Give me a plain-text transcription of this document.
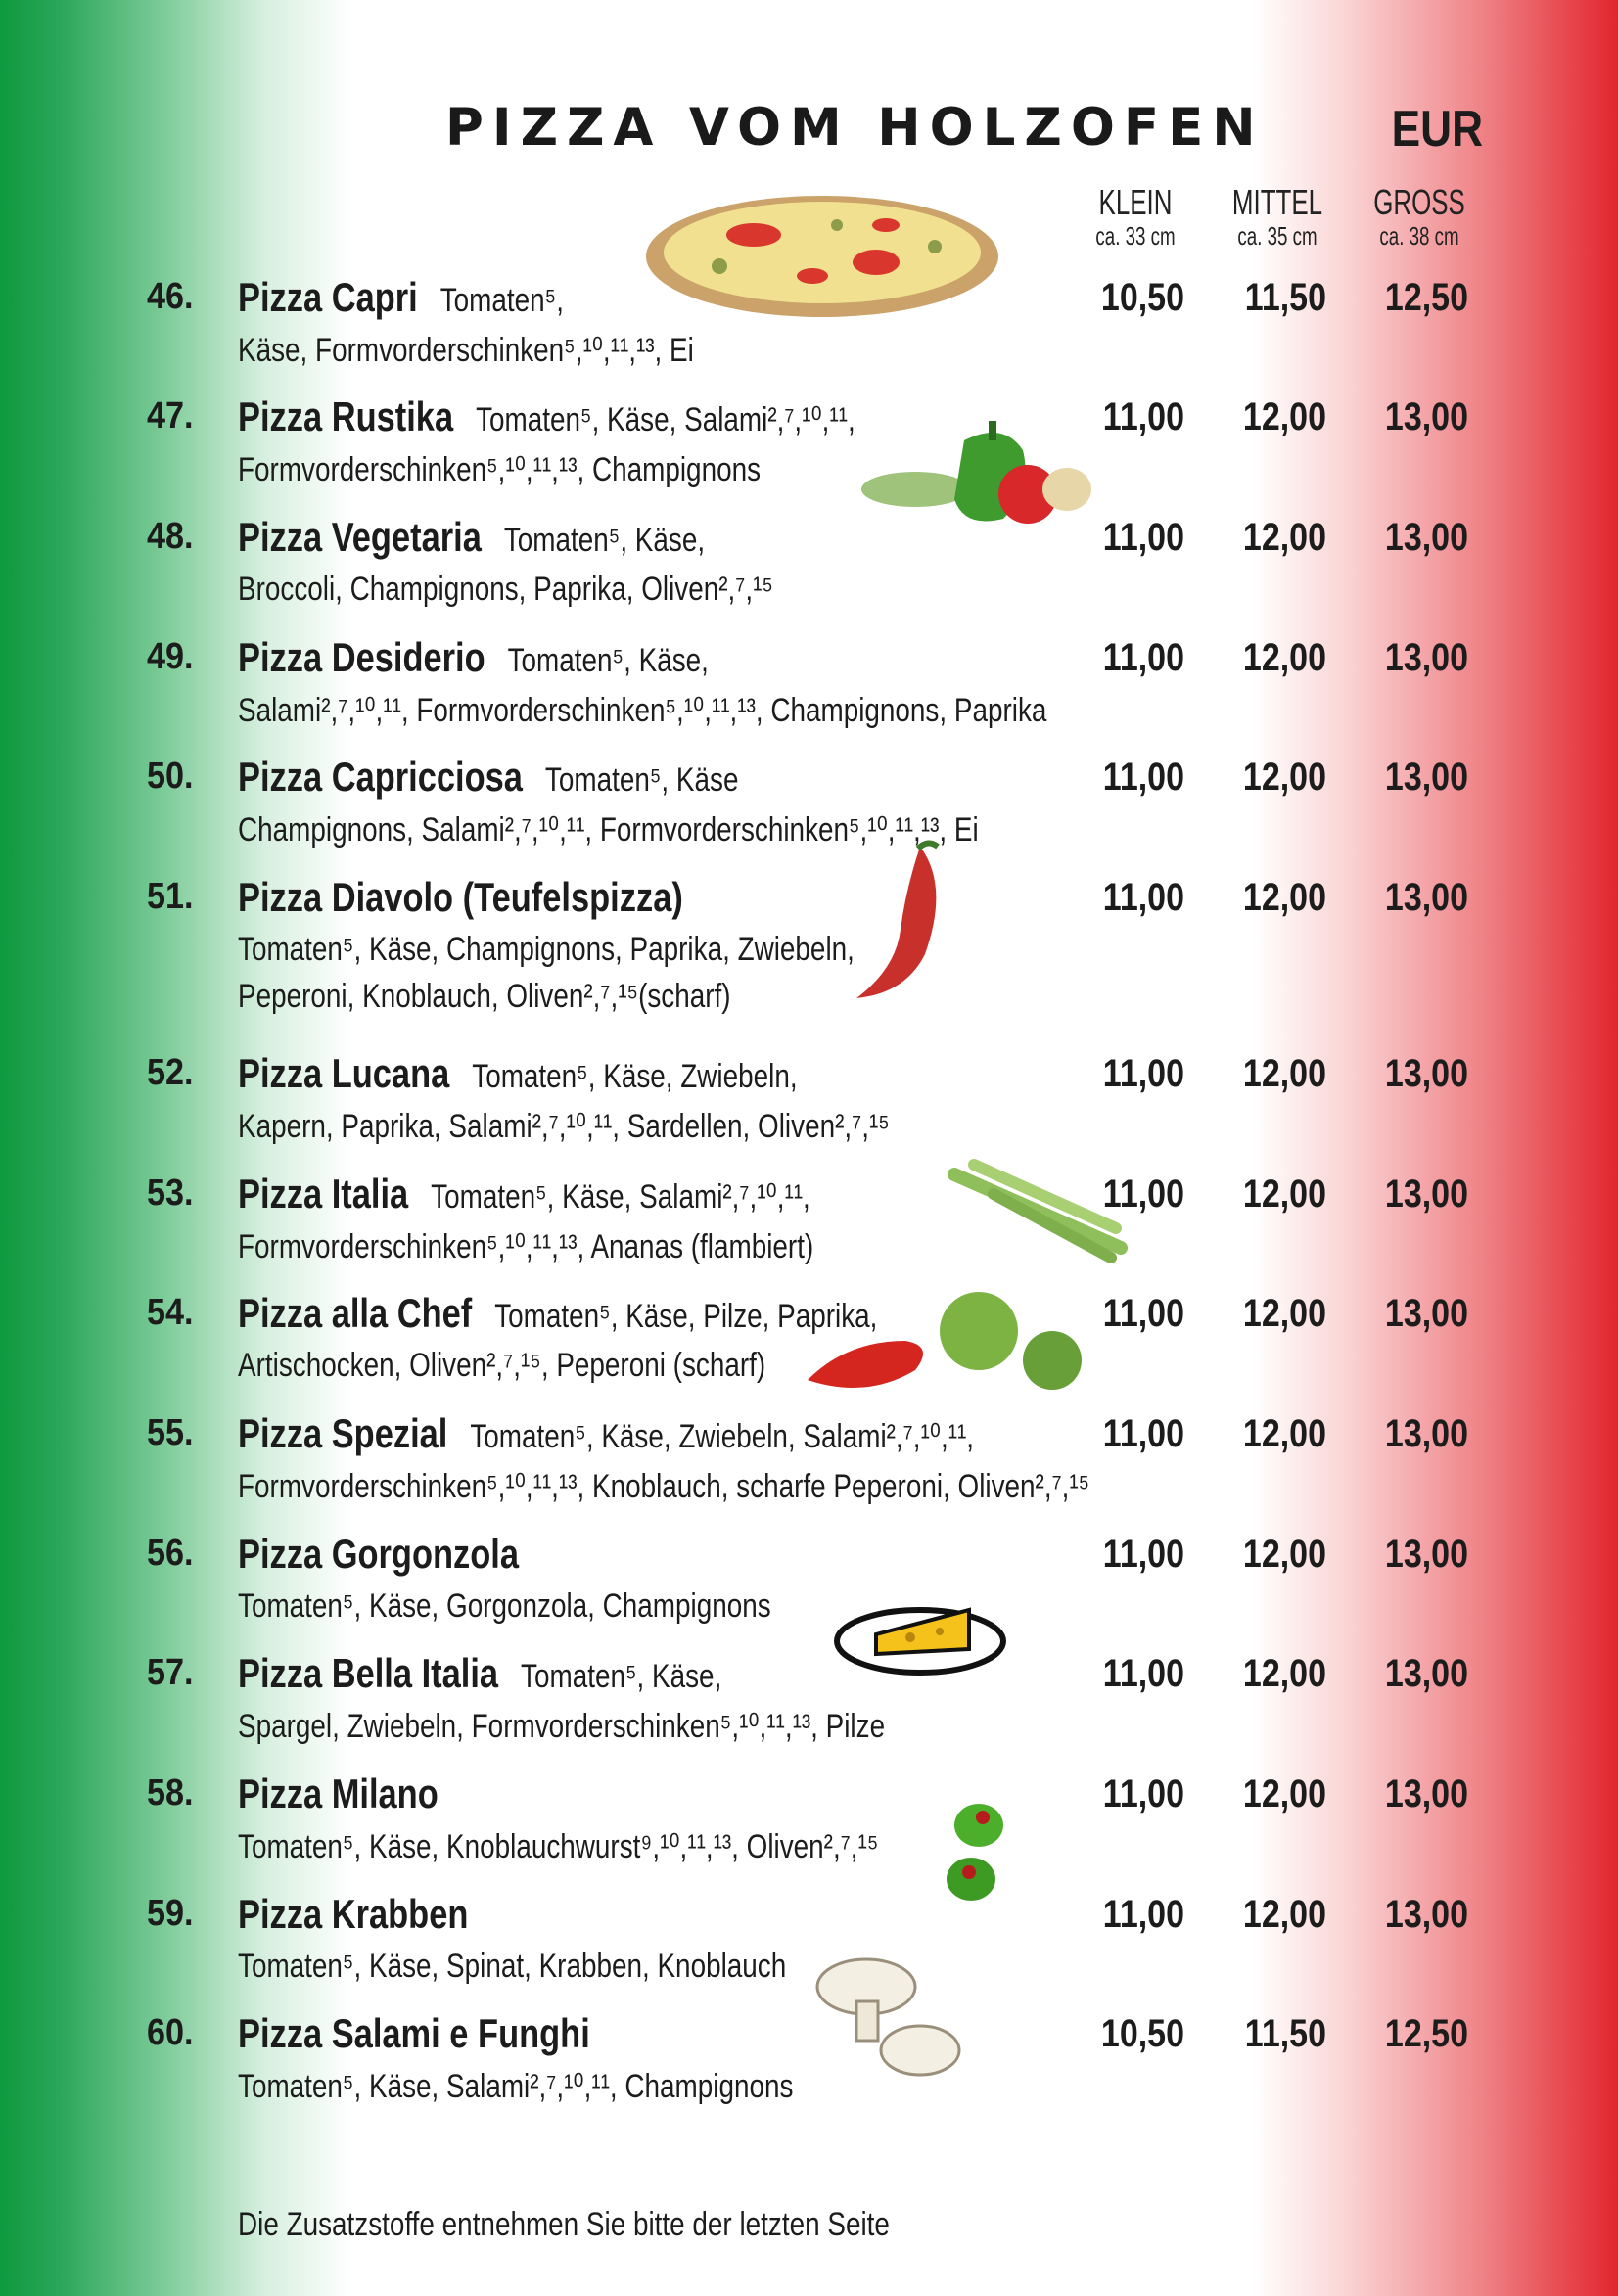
PIZZA VOM HOLZOFEN	EUR
KLEIN
ca. 33 cm
MITTEL
ca. 35 cm
GROSS
ca. 38 cm
46. Pizza Capri Tomaten⁵,
Käse, Formvorderschinken⁵,¹⁰,¹¹,¹³, Ei
10,50	11,50	12,50
47. Pizza Rustika Tomaten⁵, Käse, Salami²,⁷,¹⁰,¹¹,
Formvorderschinken⁵,¹⁰,¹¹,¹³, Champignons
11,00	12,00	13,00
48. Pizza Vegetaria Tomaten⁵, Käse,
Broccoli, Champignons, Paprika, Oliven²,⁷,¹⁵
11,00	12,00	13,00
49. Pizza Desiderio Tomaten⁵, Käse,
Salami²,⁷,¹⁰,¹¹, Formvorderschinken⁵,¹⁰,¹¹,¹³, Champignons, Paprika
11,00	12,00	13,00
50. Pizza Capricciosa Tomaten⁵, Käse
Champignons, Salami²,⁷,¹⁰,¹¹, Formvorderschinken⁵,¹⁰,¹¹,¹³, Ei
11,00	12,00	13,00
51. Pizza Diavolo (Teufelspizza)
Tomaten⁵, Käse, Champignons, Paprika, Zwiebeln,
Peperoni, Knoblauch, Oliven²,⁷,¹⁵(scharf)
11,00	12,00	13,00
52. Pizza Lucana Tomaten⁵, Käse, Zwiebeln,
Kapern, Paprika, Salami²,⁷,¹⁰,¹¹, Sardellen, Oliven²,⁷,¹⁵
11,00	12,00	13,00
53. Pizza Italia Tomaten⁵, Käse, Salami²,⁷,¹⁰,¹¹,
Formvorderschinken⁵,¹⁰,¹¹,¹³, Ananas (flambiert)
11,00	12,00	13,00
54. Pizza alla Chef Tomaten⁵, Käse, Pilze, Paprika,
Artischocken, Oliven²,⁷,¹⁵, Peperoni (scharf)
11,00	12,00	13,00
55. Pizza Spezial Tomaten⁵, Käse, Zwiebeln, Salami²,⁷,¹⁰,¹¹,
Formvorderschinken⁵,¹⁰,¹¹,¹³, Knoblauch, scharfe Peperoni, Oliven²,⁷,¹⁵
11,00	12,00	13,00
56. Pizza Gorgonzola
Tomaten⁵, Käse, Gorgonzola, Champignons
11,00	12,00	13,00
57. Pizza Bella Italia Tomaten⁵, Käse,
Spargel, Zwiebeln, Formvorderschinken⁵,¹⁰,¹¹,¹³, Pilze
11,00	12,00	13,00
58. Pizza Milano
Tomaten⁵, Käse, Knoblauchwurst⁹,¹⁰,¹¹,¹³, Oliven²,⁷,¹⁵
11,00	12,00	13,00
59. Pizza Krabben
Tomaten⁵, Käse, Spinat, Krabben, Knoblauch
11,00	12,00	13,00
60. Pizza Salami e Funghi
Tomaten⁵, Käse, Salami²,⁷,¹⁰,¹¹, Champignons
10,50	11,50	12,50
Die Zusatzstoffe entnehmen Sie bitte der letzten Seite
